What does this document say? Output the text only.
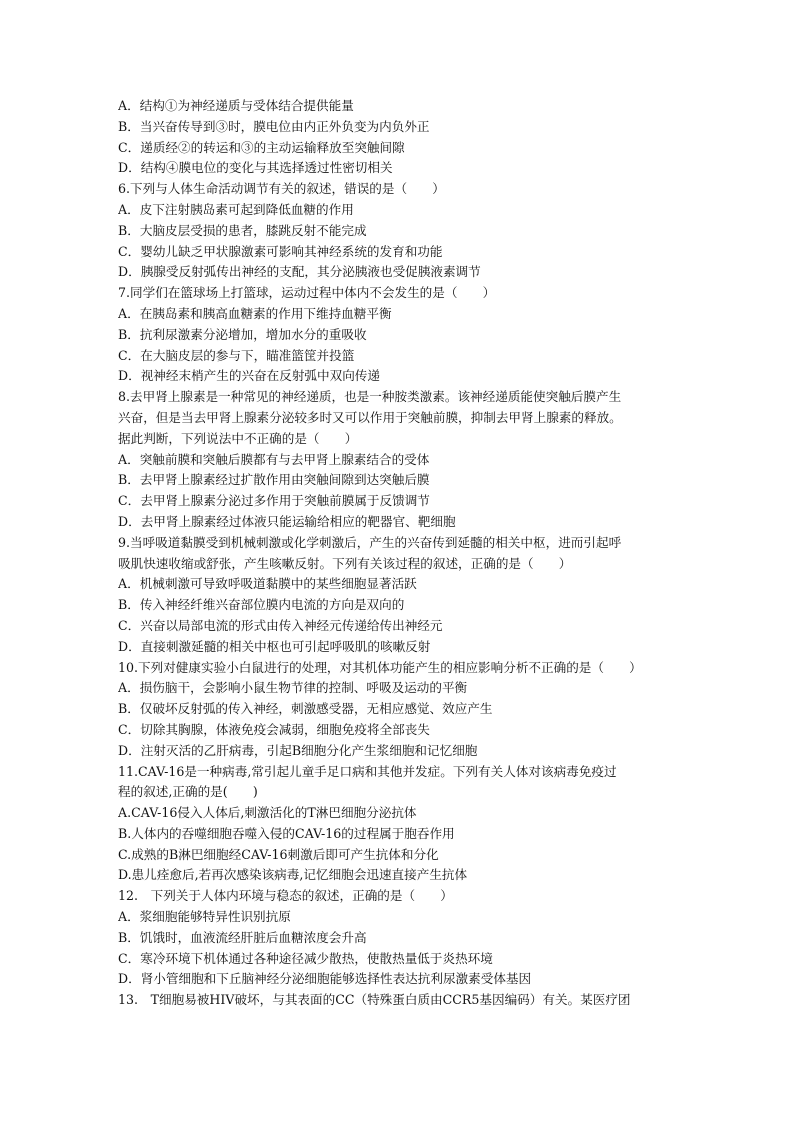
A．结构①为神经递质与受体结合提供能量
B．当兴奋传导到③时，膜电位由内正外负变为内负外正
C．递质经②的转运和③的主动运输释放至突触间隙
D．结构④膜电位的变化与其选择透过性密切相关
6.下列与人体生命活动调节有关的叙述，错误的是（　　）
A．皮下注射胰岛素可起到降低血糖的作用
B．大脑皮层受损的患者，膝跳反射不能完成
C．婴幼儿缺乏甲状腺激素可影响其神经系统的发育和功能
D．胰腺受反射弧传出神经的支配，其分泌胰液也受促胰液素调节
7.同学们在篮球场上打篮球，运动过程中体内不会发生的是（　　）
A．在胰岛素和胰高血糖素的作用下维持血糖平衡
B．抗利尿激素分泌增加，增加水分的重吸收
C．在大脑皮层的参与下，瞄准篮筐并投篮
D．视神经末梢产生的兴奋在反射弧中双向传递
8.去甲肾上腺素是一种常见的神经递质，也是一种胺类激素。该神经递质能使突触后膜产生
兴奋，但是当去甲肾上腺素分泌较多时又可以作用于突触前膜，抑制去甲肾上腺素的释放。
据此判断，下列说法中不正确的是（　　）
A．突触前膜和突触后膜都有与去甲肾上腺素结合的受体
B．去甲肾上腺素经过扩散作用由突触间隙到达突触后膜
C．去甲肾上腺素分泌过多作用于突触前膜属于反馈调节
D．去甲肾上腺素经过体液只能运输给相应的靶器官、靶细胞
9.当呼吸道黏膜受到机械刺激或化学刺激后，产生的兴奋传到延髓的相关中枢，进而引起呼
吸肌快速收缩或舒张，产生咳嗽反射。下列有关该过程的叙述，正确的是（　　）
A．机械刺激可导致呼吸道黏膜中的某些细胞显著活跃
B．传入神经纤维兴奋部位膜内电流的方向是双向的
C．兴奋以局部电流的形式由传入神经元传递给传出神经元
D．直接刺激延髓的相关中枢也可引起呼吸肌的咳嗽反射
10.下列对健康实验小白鼠进行的处理，对其机体功能产生的相应影响分析不正确的是（　　）
A．损伤脑干，会影响小鼠生物节律的控制、呼吸及运动的平衡
B．仅破坏反射弧的传入神经，刺激感受器，无相应感觉、效应产生
C．切除其胸腺，体液免疫会减弱，细胞免疫将全部丧失
D．注射灭活的乙肝病毒，引起B细胞分化产生浆细胞和记忆细胞
11.CAV-16是一种病毒,常引起儿童手足口病和其他并发症。下列有关人体对该病毒免疫过
程的叙述,正确的是(　　)
A.CAV-16侵入人体后,刺激活化的T淋巴细胞分泌抗体
B.人体内的吞噬细胞吞噬入侵的CAV-16的过程属于胞吞作用
C.成熟的B淋巴细胞经CAV-16刺激后即可产生抗体和分化
D.患儿痊愈后,若再次感染该病毒,记忆细胞会迅速直接产生抗体
12.　下列关于人体内环境与稳态的叙述，正确的是（　　）
A．浆细胞能够特异性识别抗原
B．饥饿时，血液流经肝脏后血糖浓度会升高
C．寒冷环境下机体通过各种途径减少散热，使散热量低于炎热环境
D．肾小管细胞和下丘脑神经分泌细胞能够选择性表达抗利尿激素受体基因
13.　T细胞易被HIV破坏，与其表面的CC（特殊蛋白质由CCR5基因编码）有关。某医疗团
